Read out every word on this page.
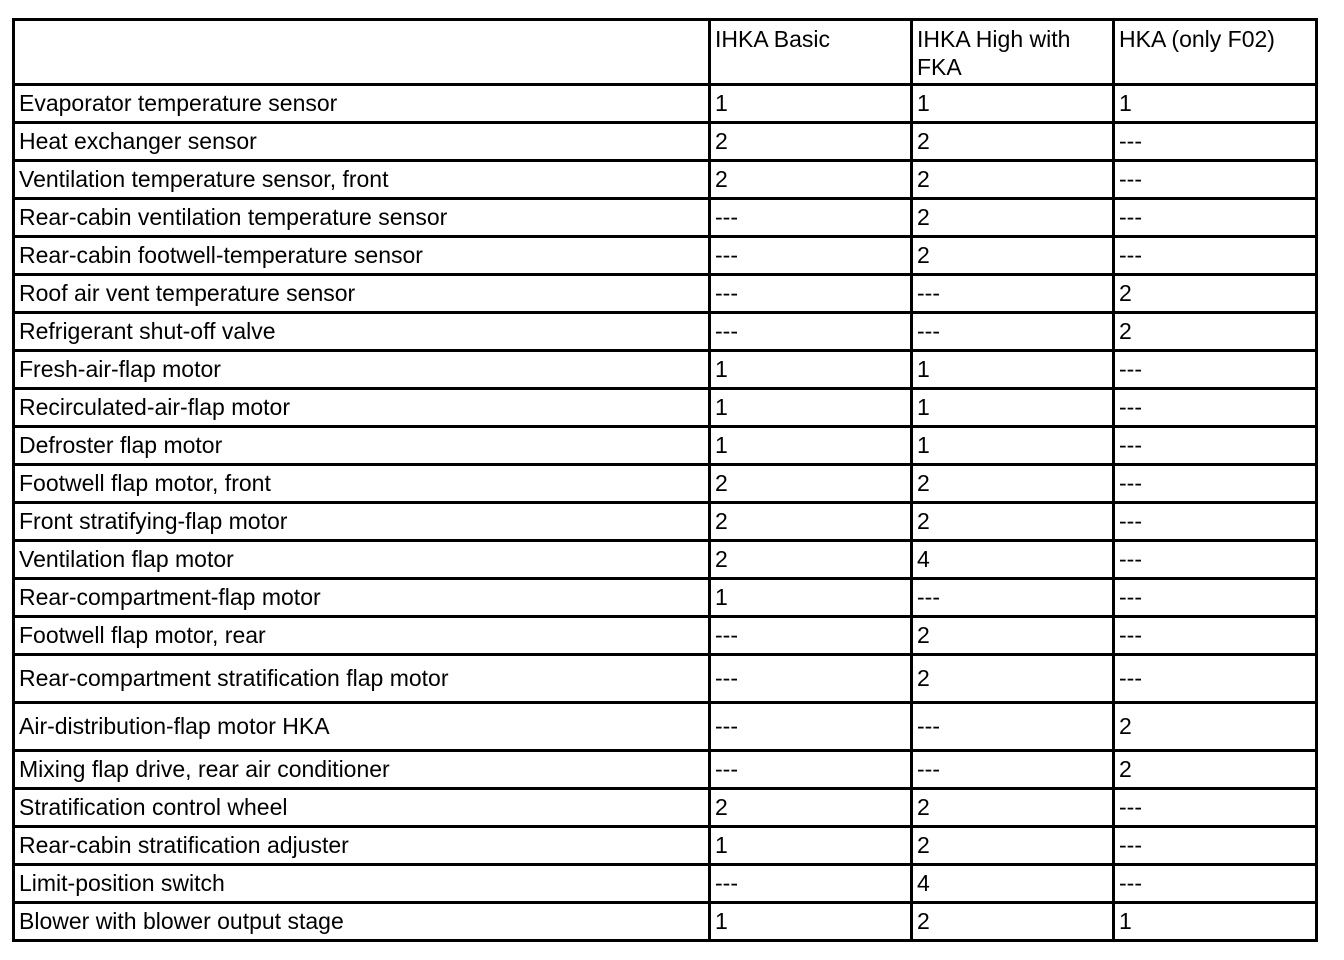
	IHKA Basic	IHKA High with FKA	HKA (only F02)
Evaporator temperature sensor	1	1	1
Heat exchanger sensor	2	2	---
Ventilation temperature sensor, front	2	2	---
Rear-cabin ventilation temperature sensor	---	2	---
Rear-cabin footwell-temperature sensor	---	2	---
Roof air vent temperature sensor	---	---	2
Refrigerant shut-off valve	---	---	2
Fresh-air-flap motor	1	1	---
Recirculated-air-flap motor	1	1	---
Defroster flap motor	1	1	---
Footwell flap motor, front	2	2	---
Front stratifying-flap motor	2	2	---
Ventilation flap motor	2	4	---
Rear-compartment-flap motor	1	---	---
Footwell flap motor, rear	---	2	---
Rear-compartment stratification flap motor	---	2	---
Air-distribution-flap motor HKA	---	---	2
Mixing flap drive, rear air conditioner	---	---	2
Stratification control wheel	2	2	---
Rear-cabin stratification adjuster	1	2	---
Limit-position switch	---	4	---
Blower with blower output stage	1	2	1
